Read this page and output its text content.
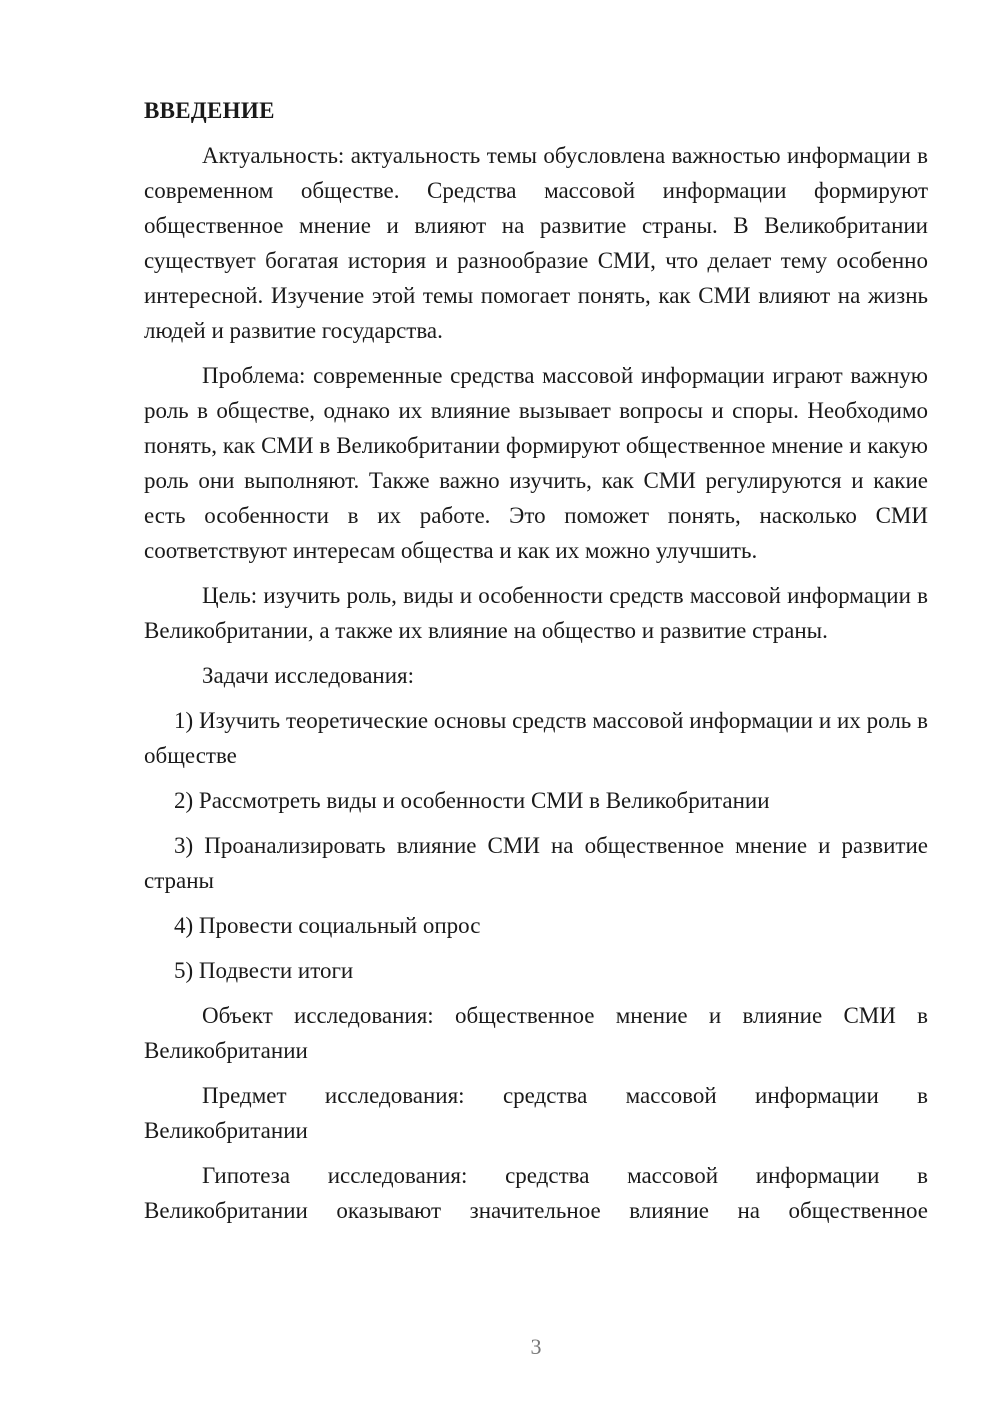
ВВЕДЕНИЕ

Актуальность: актуальность темы обусловлена важностью информации в современном обществе. Средства массовой информации формируют общественное мнение и влияют на развитие страны. В Великобритании существует богатая история и разнообразие СМИ, что делает тему особенно интересной. Изучение этой темы помогает понять, как СМИ влияют на жизнь людей и развитие государства.

Проблема: современные средства массовой информации играют важную роль в обществе, однако их влияние вызывает вопросы и споры. Необходимо понять, как СМИ в Великобритании формируют общественное мнение и какую роль они выполняют. Также важно изучить, как СМИ регулируются и какие есть особенности в их работе. Это поможет понять, насколько СМИ соответствуют интересам общества и как их можно улучшить.

Цель: изучить роль, виды и особенности средств массовой информации в Великобритании, а также их влияние на общество и развитие страны.

Задачи исследования:

1) Изучить теоретические основы средств массовой информации и их роль в обществе

2) Рассмотреть виды и особенности СМИ в Великобритании

3) Проанализировать влияние СМИ на общественное мнение и развитие страны

4) Провести социальный опрос

5) Подвести итоги

Объект исследования: общественное мнение и влияние СМИ в Великобритании

Предмет исследования: средства массовой информации в Великобритании

Гипотеза исследования: средства массовой информации в Великобритании оказывают значительное влияние на общественное

3
